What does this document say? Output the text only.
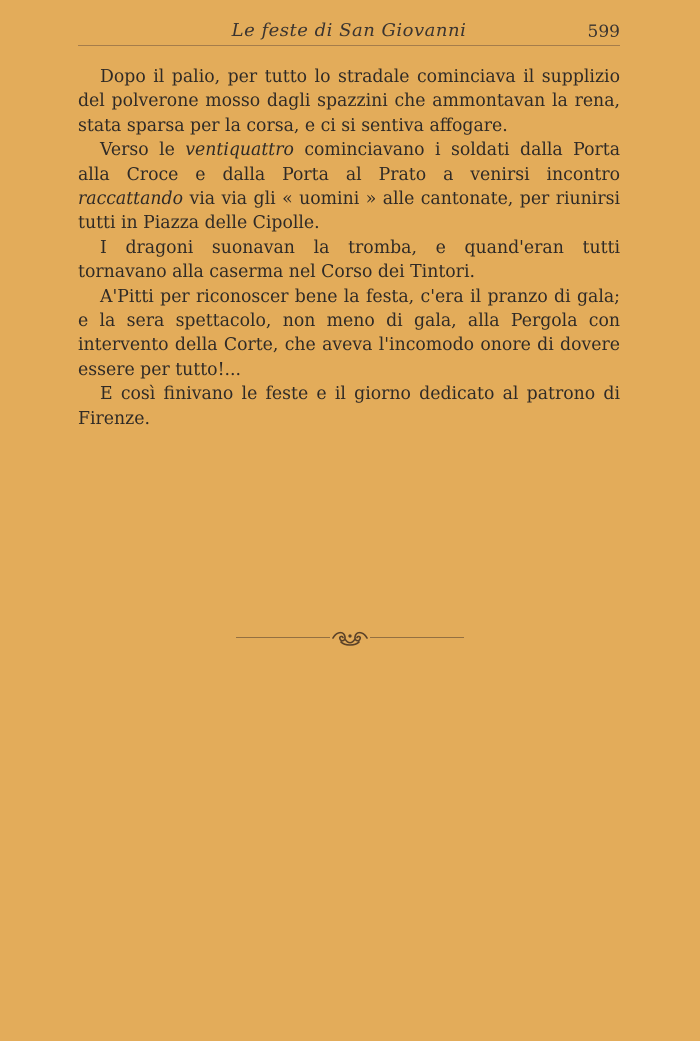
Le feste di San Giovanni	599

Dopo il palio, per tutto lo stradale cominciava il supplizio del polverone mosso dagli spazzini che ammontavan la rena, stata sparsa per la corsa, e ci si sentiva affogare.

Verso le ventiquattro cominciavano i soldati dalla Porta alla Croce e dalla Porta al Prato a venirsi incontro raccattando via via gli « uomini » alle cantonate, per riunirsi tutti in Piazza delle Cipolle.

I dragoni suonavan la tromba, e quand'eran tutti tornavano alla caserma nel Corso dei Tintori.

A'Pitti per riconoscer bene la festa, c'era il pranzo di gala; e la sera spettacolo, non meno di gala, alla Pergola con intervento della Corte, che aveva l'incomodo onore di dovere essere per tutto!...

E così finivano le feste e il giorno dedicato al patrono di Firenze.
